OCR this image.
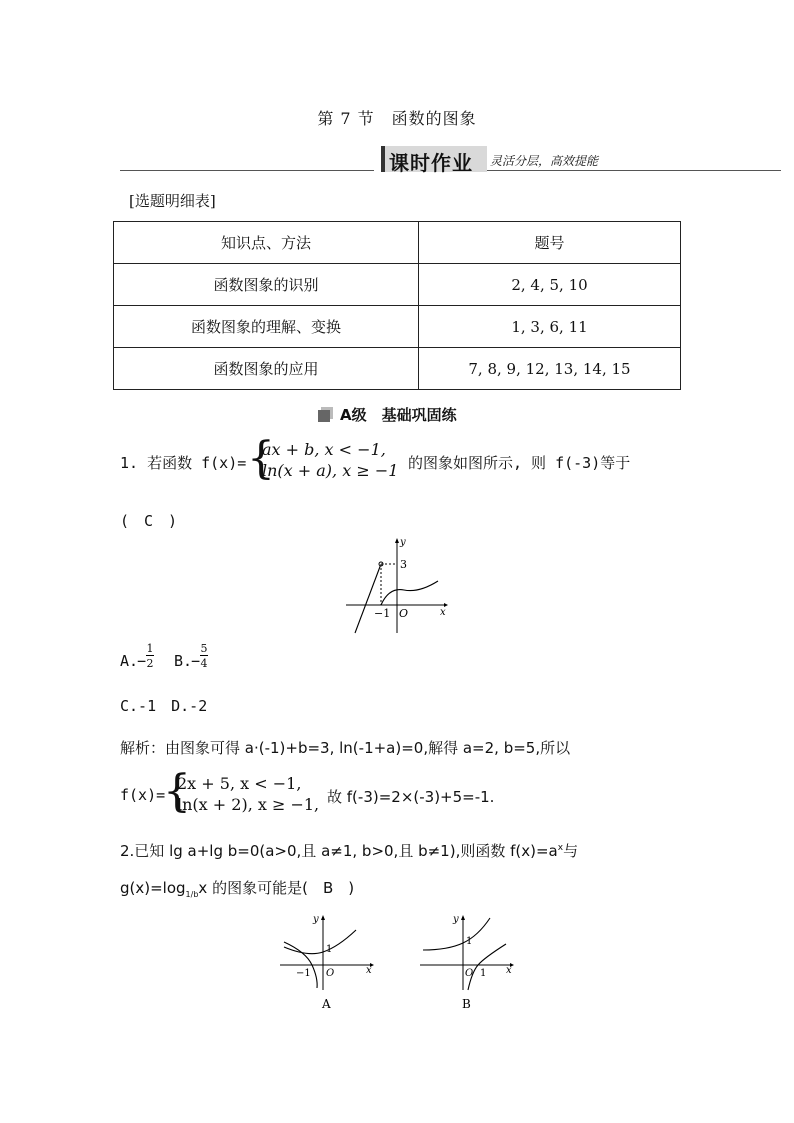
第 7 节　函数的图象
课时作业 灵活分层，高效提能
[选题明细表]
知识点、方法	题号
函数图象的识别	2, 4, 5, 10
函数图象的理解、变换	1, 3, 6, 11
函数图象的应用	7, 8, 9, 12, 13, 14, 15
A级　基础巩固练
1. 若函数 f(x)= {
ax + b, x < −1,
ln(x + a), x ≥ −1 的图象如图所示, 则 f(-3)等于
(　C　)
y
x
3
−1 O
A.
−
1
2 B.
−
5
4
C.-1　D.-2
解析：由图象可得 a·(-1)+b=3, ln(-1+a)=0,解得 a=2, b=5,所以
f(x)=
{
2x + 5, x < −1,
ln(x + 2), x ≥ −1, 故 f(-3)=2×(-3)+5=-1.
2.已知 lg a+lg b=0(a>0,且 a≠1, b>0,且 b≠1),则函数 $f(x)=a^x$与
$g(x)=\log_{1/b}x$ 的图象可能是(　B　)
y
x
1
−1 O
A
y
x
1
1
O
B
